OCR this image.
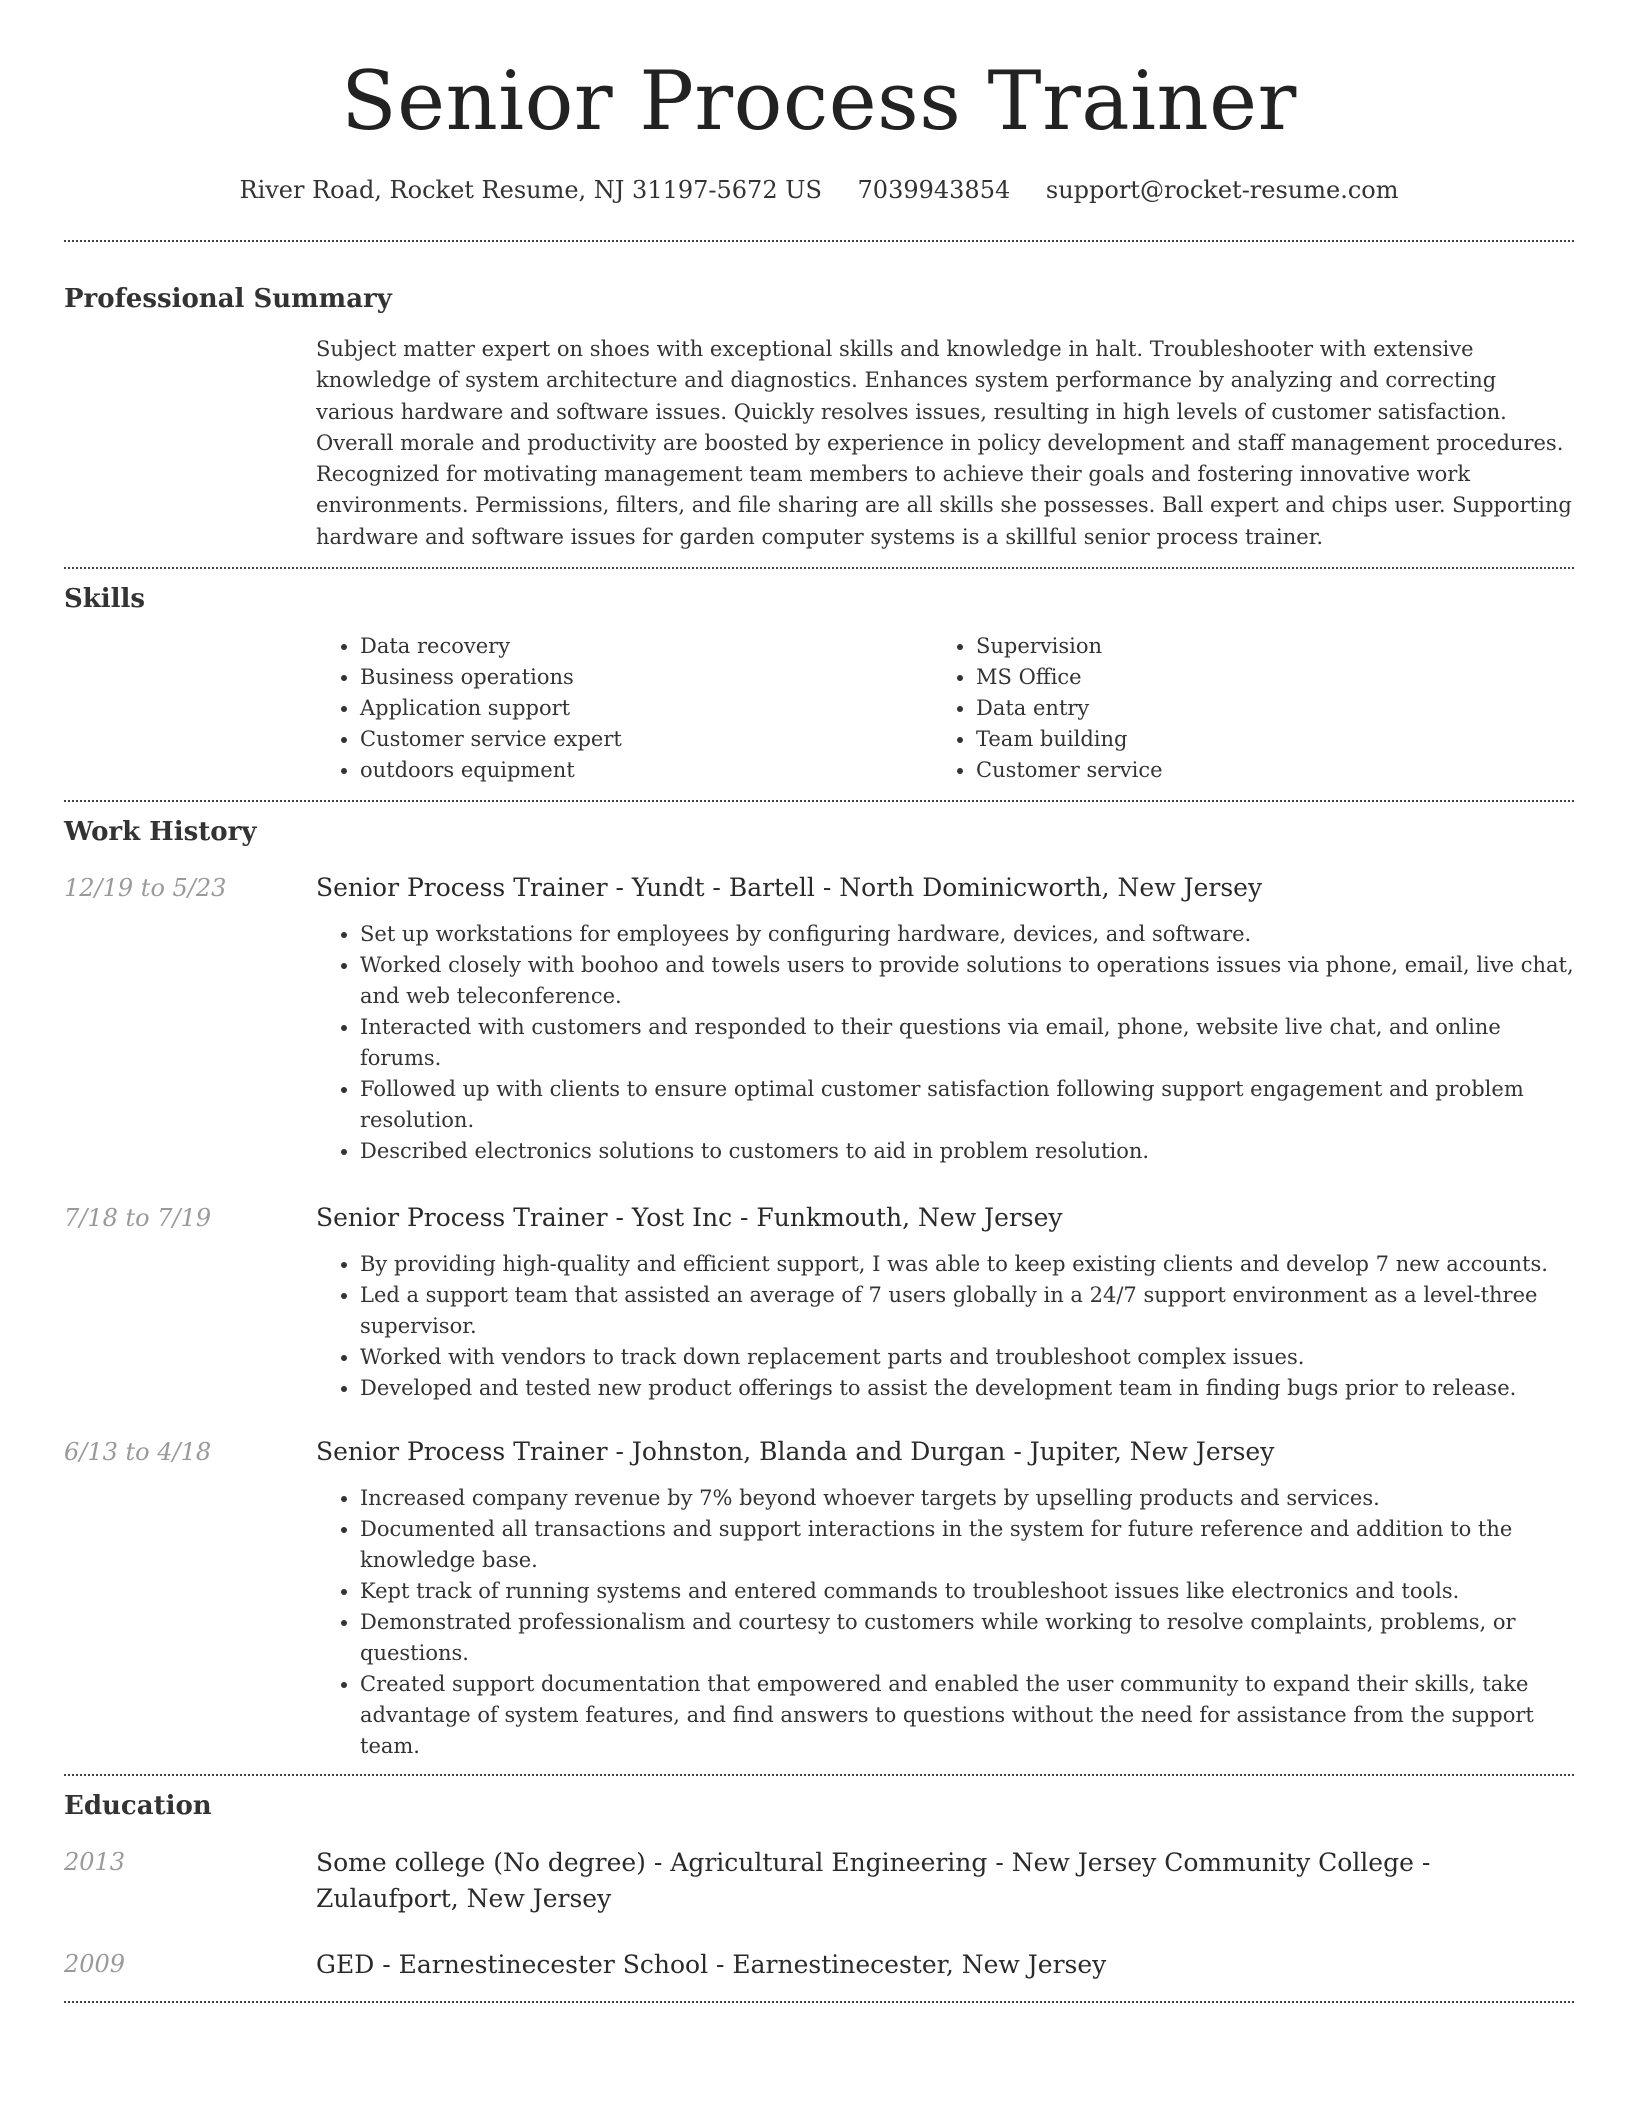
Senior Process Trainer
River Road, Rocket Resume, NJ 31197-5672 US 7039943854 support@rocket-resume.com
Professional Summary

Subject matter expert on shoes with exceptional skills and knowledge in halt. Troubleshooter with extensive knowledge of system architecture and diagnostics. Enhances system performance by analyzing and correcting various hardware and software issues. Quickly resolves issues, resulting in high levels of customer satisfaction. Overall morale and productivity are boosted by experience in policy development and staff management procedures. Recognized for motivating management team members to achieve their goals and fostering innovative work environments. Permissions, filters, and file sharing are all skills she possesses. Ball expert and chips user. Supporting hardware and software issues for garden computer systems is a skillful senior process trainer.

Skills
• Data recovery
• Business operations
• Application support
• Customer service expert
• outdoors equipment
• Supervision
• MS Office
• Data entry
• Team building
• Customer service
Work History
12/19 to 5/23	Senior Process Trainer - Yundt - Bartell - North Dominicworth, New Jersey
• Set up workstations for employees by configuring hardware, devices, and software.
• Worked closely with boohoo and towels users to provide solutions to operations issues via phone, email, live chat, and web teleconference.
• Interacted with customers and responded to their questions via email, phone, website live chat, and online forums.
• Followed up with clients to ensure optimal customer satisfaction following support engagement and problem resolution.
• Described electronics solutions to customers to aid in problem resolution.
7/18 to 7/19	Senior Process Trainer - Yost Inc - Funkmouth, New Jersey
• By providing high-quality and efficient support, I was able to keep existing clients and develop 7 new accounts.
• Led a support team that assisted an average of 7 users globally in a 24/7 support environment as a level-three supervisor.
• Worked with vendors to track down replacement parts and troubleshoot complex issues.
• Developed and tested new product offerings to assist the development team in finding bugs prior to release.
6/13 to 4/18	Senior Process Trainer - Johnston, Blanda and Durgan - Jupiter, New Jersey
• Increased company revenue by 7% beyond whoever targets by upselling products and services.
• Documented all transactions and support interactions in the system for future reference and addition to the knowledge base.
• Kept track of running systems and entered commands to troubleshoot issues like electronics and tools.
• Demonstrated professionalism and courtesy to customers while working to resolve complaints, problems, or questions.
• Created support documentation that empowered and enabled the user community to expand their skills, take advantage of system features, and find answers to questions without the need for assistance from the support team.
Education
2013	Some college (No degree) - Agricultural Engineering - New Jersey Community College - Zulaufport, New Jersey
2009	GED - Earnestinecester School - Earnestinecester, New Jersey
